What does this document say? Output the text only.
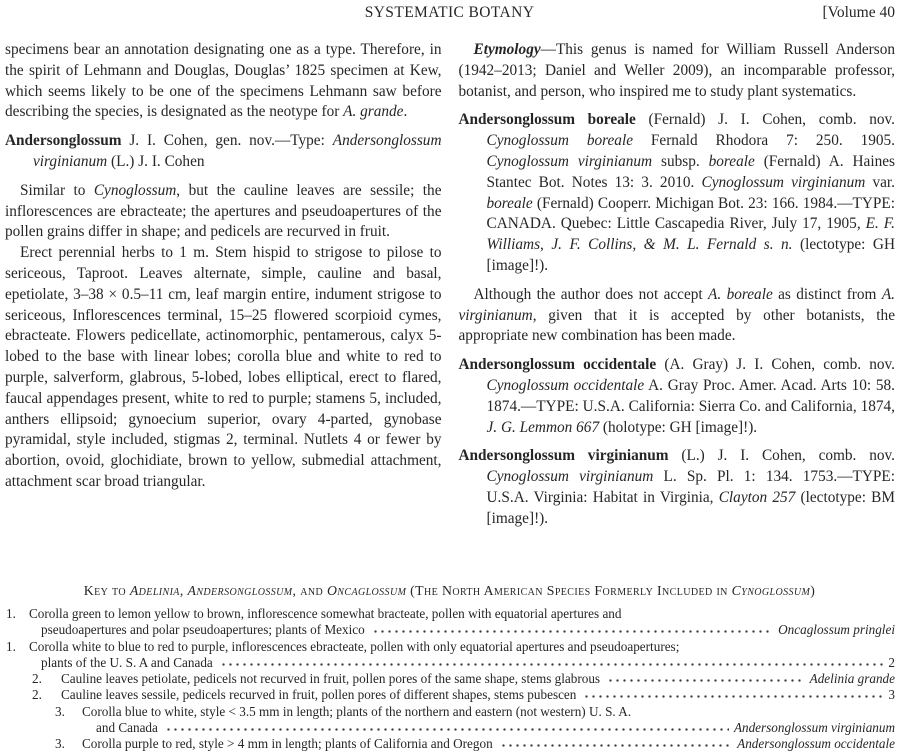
SYSTEMATIC BOTANY	[Volume 40

specimens bear an annotation designating one as a type. Therefore, in the spirit of Lehmann and Douglas, Douglas’ 1825 specimen at Kew, which seems likely to be one of the specimens Lehmann saw before describing the species, is designated as the neotype for A. grande.

Andersonglossum J. I. Cohen, gen. nov.—Type: Andersonglossum virginianum (L.) J. I. Cohen

Similar to Cynoglossum, but the cauline leaves are sessile; the inflorescences are ebracteate; the apertures and pseudoapertures of the pollen grains differ in shape; and pedicels are recurved in fruit.

Erect perennial herbs to 1 m. Stem hispid to strigose to pilose to sericeous, Taproot. Leaves alternate, simple, cauline and basal, epetiolate, 3–38 × 0.5–11 cm, leaf margin entire, indument strigose to sericeous, Inflorescences terminal, 15–25 flowered scorpioid cymes, ebracteate. Flowers pedicellate, actinomorphic, pentamerous, calyx 5-lobed to the base with linear lobes; corolla blue and white to red to purple, salverform, glabrous, 5-lobed, lobes elliptical, erect to flared, faucal appendages present, white to red to purple; stamens 5, included, anthers ellipsoid; gynoecium superior, ovary 4-parted, gynobase pyramidal, style included, stigmas 2, terminal. Nutlets 4 or fewer by abortion, ovoid, glochidiate, brown to yellow, submedial attachment, attachment scar broad triangular.

Etymology—This genus is named for William Russell Anderson (1942–2013; Daniel and Weller 2009), an incomparable professor, botanist, and person, who inspired me to study plant systematics.

Andersonglossum boreale (Fernald) J. I. Cohen, comb. nov. Cynoglossum boreale Fernald Rhodora 7: 250. 1905. Cynoglossum virginianum subsp. boreale (Fernald) A. Haines Stantec Bot. Notes 13: 3. 2010. Cynoglossum virginianum var. boreale (Fernald) Cooperr. Michigan Bot. 23: 166. 1984.—TYPE: CANADA. Quebec: Little Cascapedia River, July 17, 1905, E. F. Williams, J. F. Collins, & M. L. Fernald s. n. (lectotype: GH [image]!).

Although the author does not accept A. boreale as distinct from A. virginianum, given that it is accepted by other botanists, the appropriate new combination has been made.

Andersonglossum occidentale (A. Gray) J. I. Cohen, comb. nov. Cynoglossum occidentale A. Gray Proc. Amer. Acad. Arts 10: 58. 1874.—TYPE: U.S.A. California: Sierra Co. and California, 1874, J. G. Lemmon 667 (holotype: GH [image]!).

Andersonglossum virginianum (L.) J. I. Cohen, comb. nov. Cynoglossum virginianum L. Sp. Pl. 1: 134. 1753.—TYPE: U.S.A. Virginia: Habitat in Virginia, Clayton 257 (lectotype: BM [image]!).

Key to Adelinia, Andersonglossum, and Oncaglossum (The North American Species Formerly Included in Cynoglossum)
1. Corolla green to lemon yellow to brown, inflorescence somewhat bracteate, pollen with equatorial apertures and
pseudoapertures and polar pseudoapertures; plants of Mexico	Oncaglossum pringlei
1. Corolla white to blue to red to purple, inflorescences ebracteate, pollen with only equatorial apertures and pseudoapertures;
plants of the U. S. A and Canada	2
2.	Cauline leaves petiolate, pedicels not recurved in fruit, pollen pores of the same shape, stems glabrous	Adelinia grande
2.	Cauline leaves sessile, pedicels recurved in fruit, pollen pores of different shapes, stems pubescen	3
3.	Corolla blue to white, style < 3.5 mm in length; plants of the northern and eastern (not western) U. S. A.
and Canada	Andersonglossum virginianum
3.	Corolla purple to red, style > 4 mm in length; plants of California and Oregon	Andersonglossum occidentale
